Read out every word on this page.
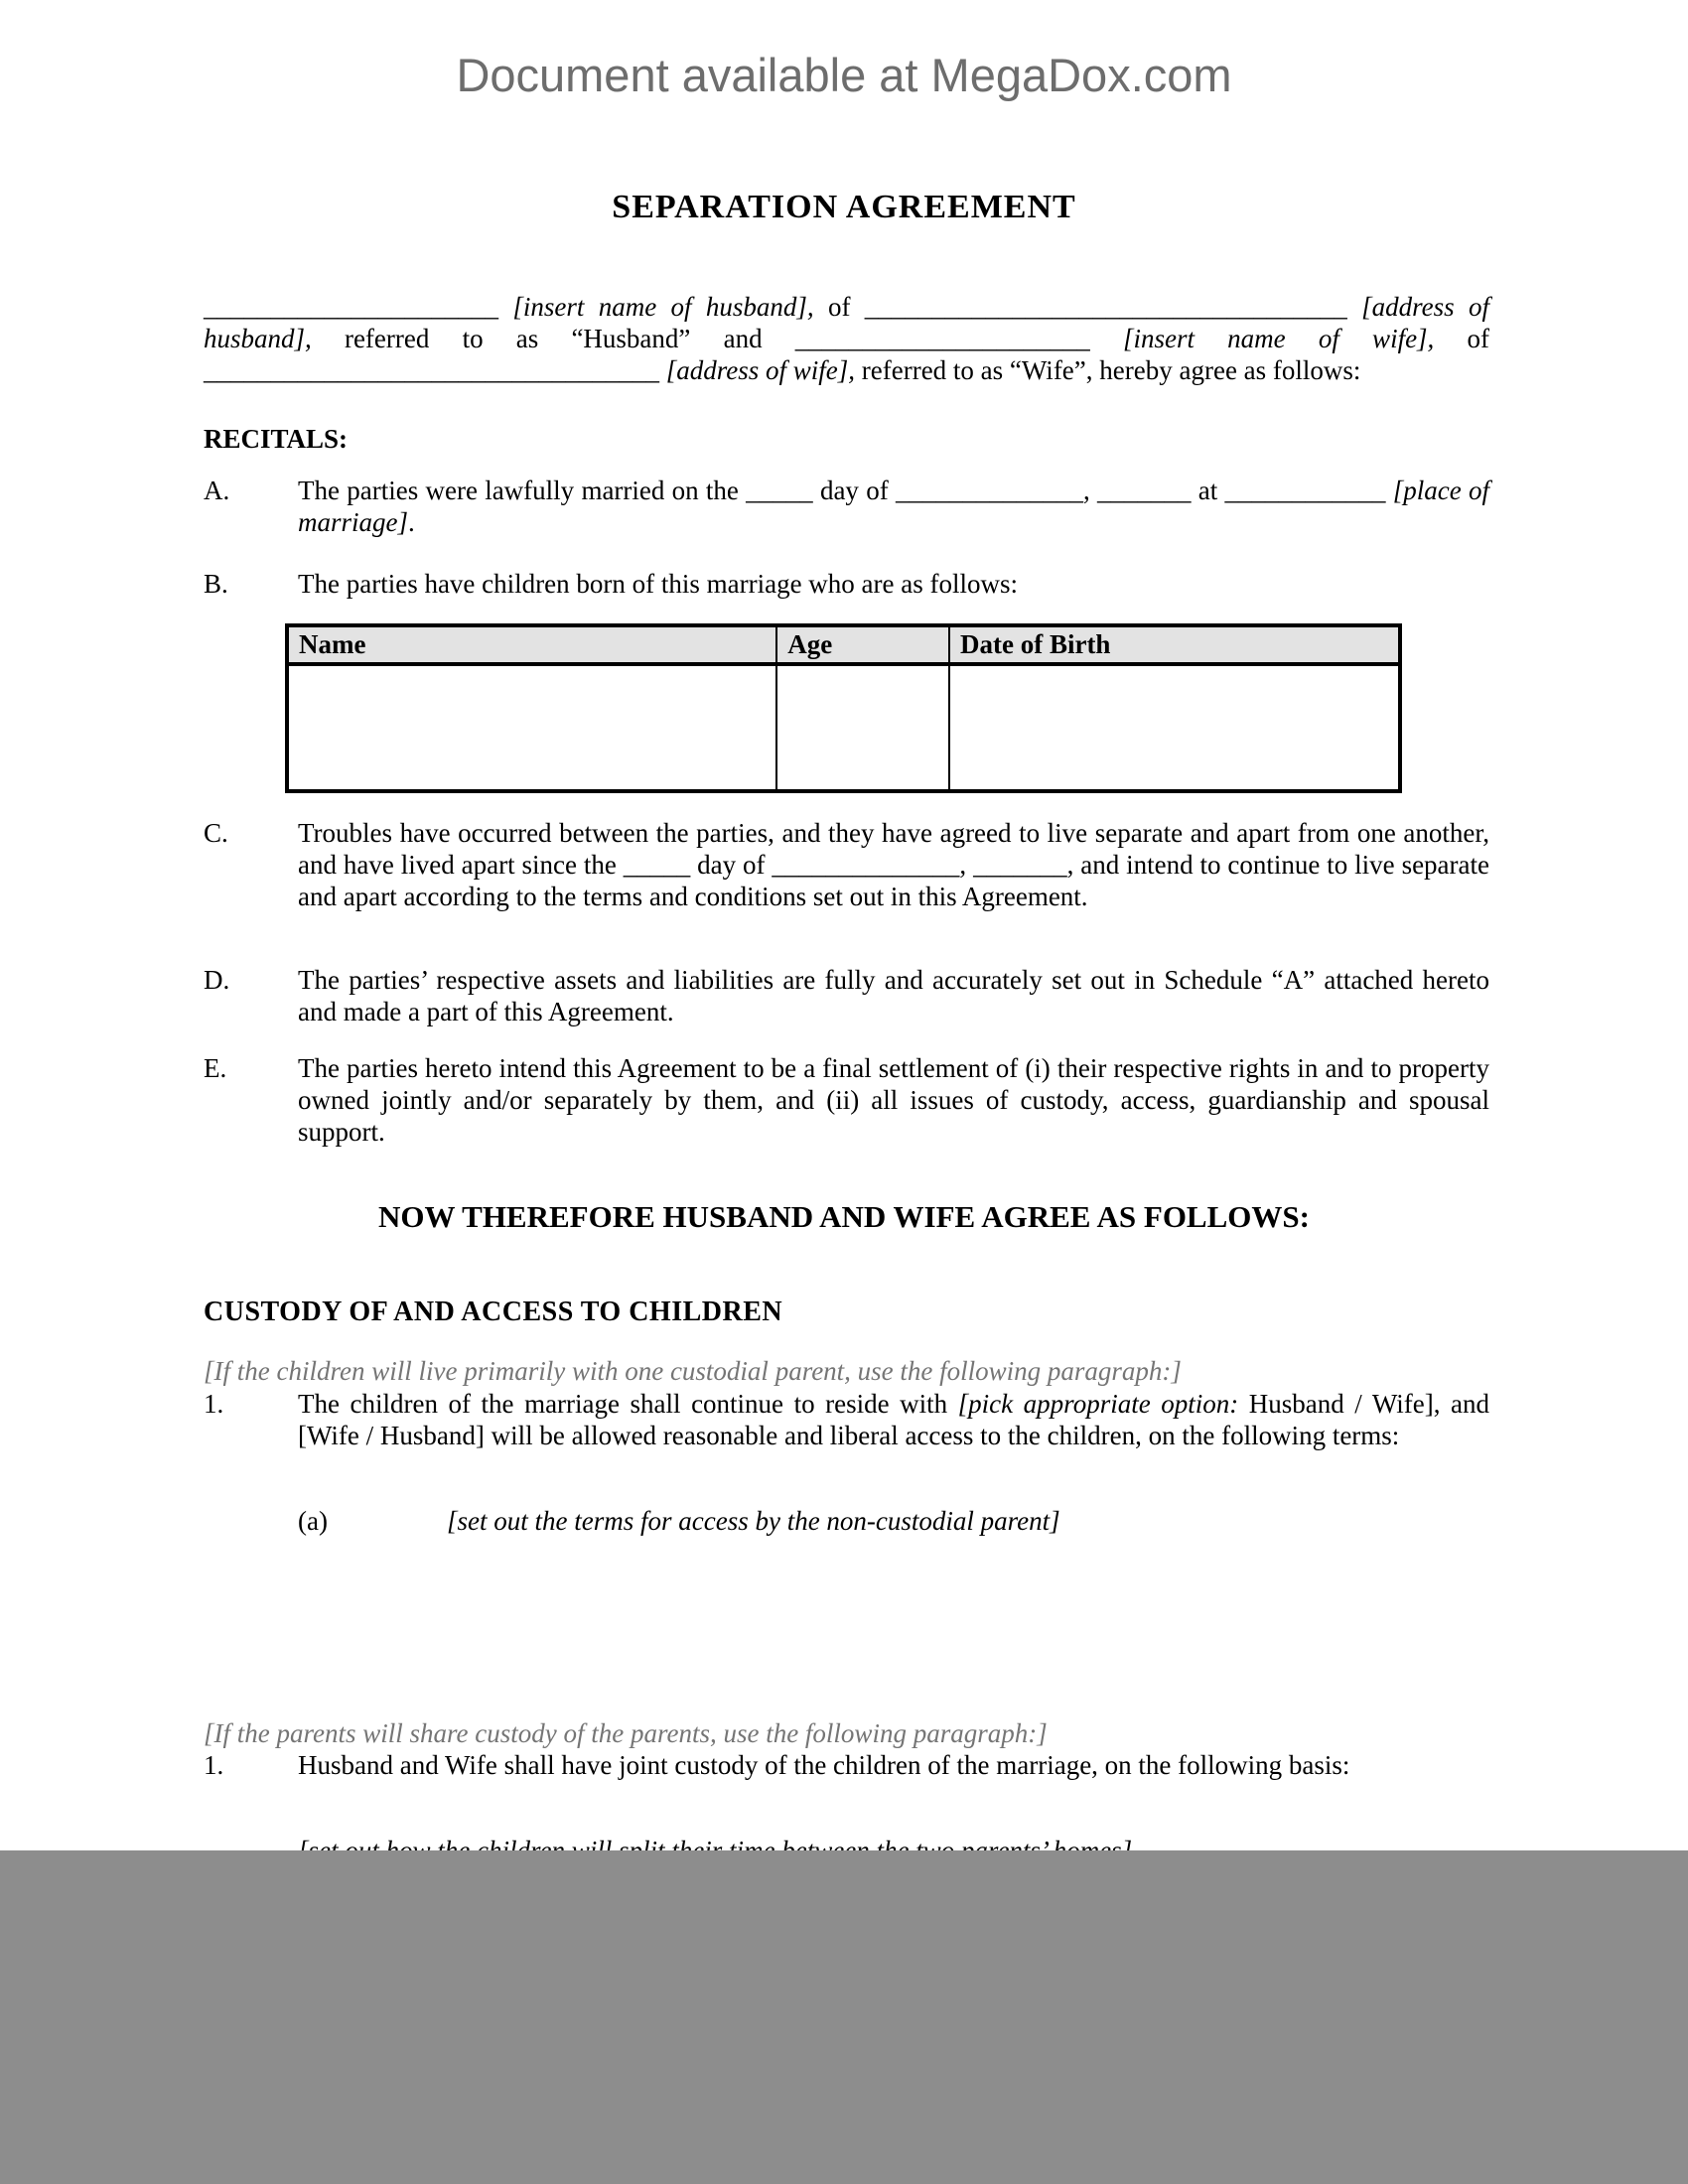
Document available at MegaDox.com
SEPARATION AGREEMENT
______________________ [insert name of husband], of ____________________________________ [address of husband], referred to as “Husband” and ______________________ [insert name of wife], of __________________________________ [address of wife], referred to as “Wife”, hereby agree as follows:
RECITALS:
A.	The parties were lawfully married on the _____ day of ______________, _______ at ____________ [place of marriage].
B.	The parties have children born of this marriage who are as follows:
Name	Age	Date of Birth

C.	Troubles have occurred between the parties, and they have agreed to live separate and apart from one another, and have lived apart since the _____ day of ______________, _______, and intend to continue to live separate and apart according to the terms and conditions set out in this Agreement.
D.	The parties’ respective assets and liabilities are fully and accurately set out in Schedule “A” attached hereto and made a part of this Agreement.
E.	The parties hereto intend this Agreement to be a final settlement of (i) their respective rights in and to property owned jointly and/or separately by them, and (ii) all issues of custody, access, guardianship and spousal support.
NOW THEREFORE HUSBAND AND WIFE AGREE AS FOLLOWS:
CUSTODY OF AND ACCESS TO CHILDREN
[If the children will live primarily with one custodial parent, use the following paragraph:]
1.	The children of the marriage shall continue to reside with [pick appropriate option: Husband / Wife], and [Wife / Husband] will be allowed reasonable and liberal access to the children, on the following terms:
(a)	[set out the terms for access by the non-custodial parent]
[If the parents will share custody of the parents, use the following paragraph:]
1.	Husband and Wife shall have joint custody of the children of the marriage, on the following basis:
